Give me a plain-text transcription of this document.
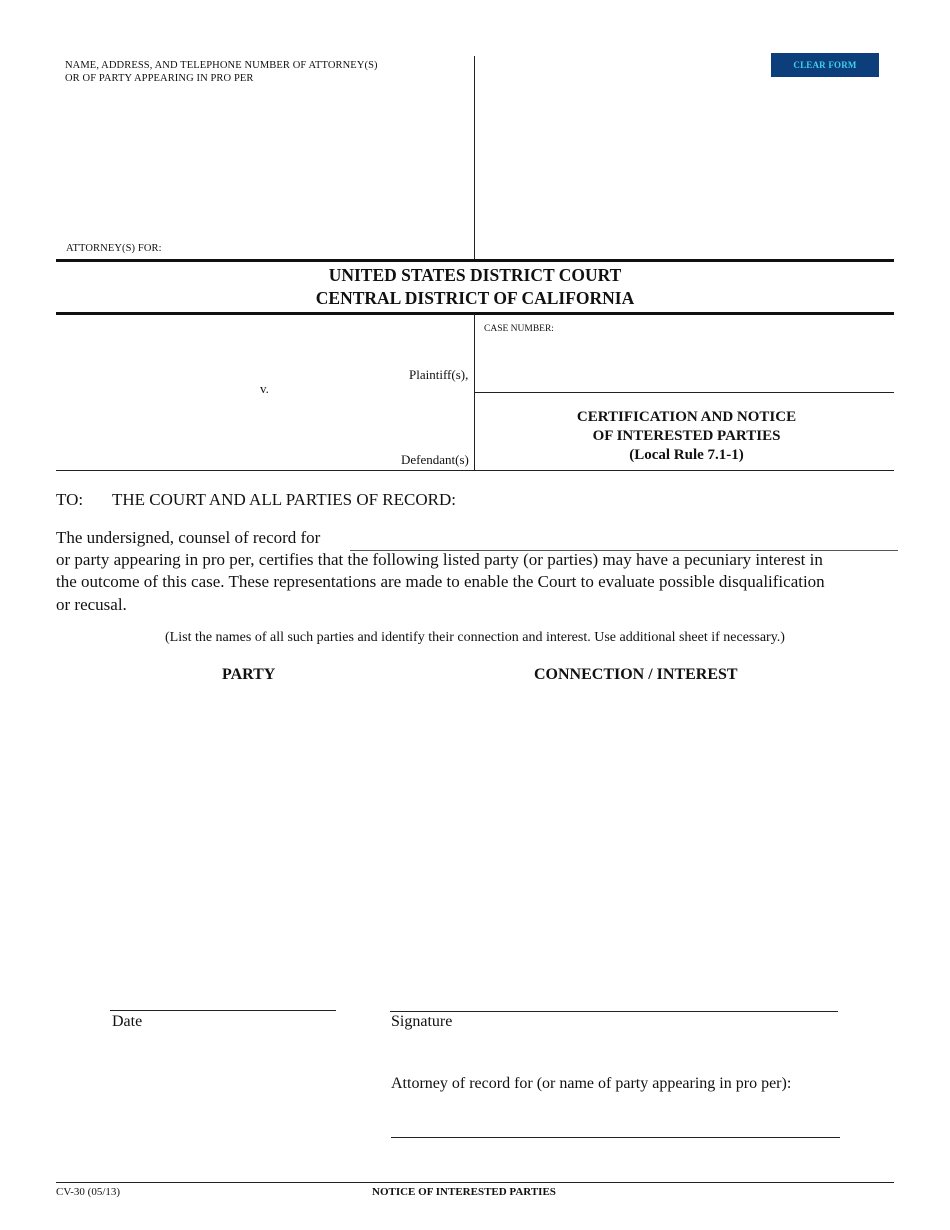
NAME, ADDRESS, AND TELEPHONE NUMBER OF ATTORNEY(S)
OR OF PARTY APPEARING IN PRO PER
ATTORNEY(S) FOR:
CLEAR FORM
UNITED STATES DISTRICT COURT
CENTRAL DISTRICT OF CALIFORNIA
Plaintiff(s),
v.
Defendant(s)
CASE NUMBER:
CERTIFICATION AND NOTICE
OF INTERESTED PARTIES
(Local Rule 7.1-1)
TO: THE COURT AND ALL PARTIES OF RECORD:
The undersigned, counsel of record for
or party appearing in pro per, certifies that the following listed party (or parties) may have a pecuniary interest in
the outcome of this case. These representations are made to enable the Court to evaluate possible disqualification
or recusal.
(List the names of all such parties and identify their connection and interest. Use additional sheet if necessary.)
PARTY	CONNECTION / INTEREST
Date	Signature
Attorney of record for (or name of party appearing in pro per):
CV-30 (05/13)	NOTICE OF INTERESTED PARTIES
